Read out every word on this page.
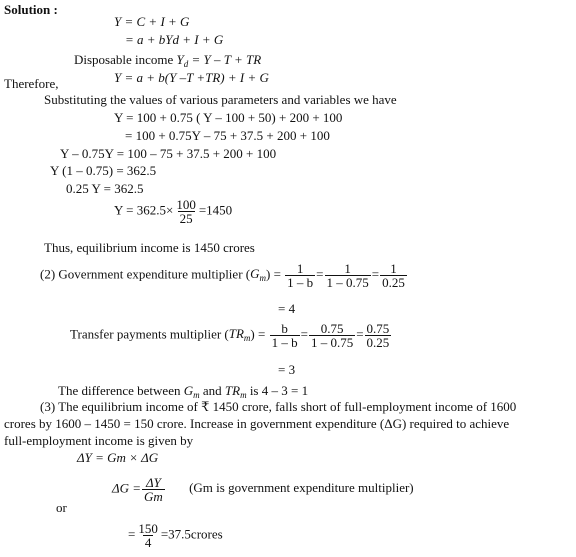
Solution :
Y = C + I + G
= a + bYd + I + G
Disposable income $Y_d = Y - T$ + TR
Therefore,	Y = a + b(Y –T +TR) + I + G
Substituting the values of various parameters and variables we have
Y = 100 + 0.75 ( Y – 100 + 50) + 200 + 100
= 100 + 0.75Y – 75 + 37.5 + 200 + 100
Y – 0.75Y = 100 – 75 + 37.5 + 200 + 100
Y (1 – 0.75) = 362.5
0.25 Y = 362.5
$Y = 362.5\times \frac{100}{25} =1450$
Thus, equilibrium income is 1450 crores
(2) Government expenditure multiplier $(G_m) = \frac{1}{1 - b} = \frac{1}{1 - 0.75} = \frac{1}{0.25}$
= 4
Transfer payments multiplier $(TR_m) = \frac{b}{1 - b} = \frac{0.75}{1 - 0.75} = \frac{0.75}{0.25}$
= 3
The difference between $G_m$ and $TR_m$ is 4 – 3 = 1
(3) The equilibrium income of ₹ 1450 crore, falls short of full-employment income of 1600
crores by 1600 – 1450 = 150 crore. Increase in government expenditure (ΔG) required to achieve
full-employment income is given by
ΔY = Gm × ΔG
or
$\Delta G = \frac{\Delta Y}{Gm} (Gm$ is government expenditure multiplier)
= $\frac{150}{4}$ =37.5crores
